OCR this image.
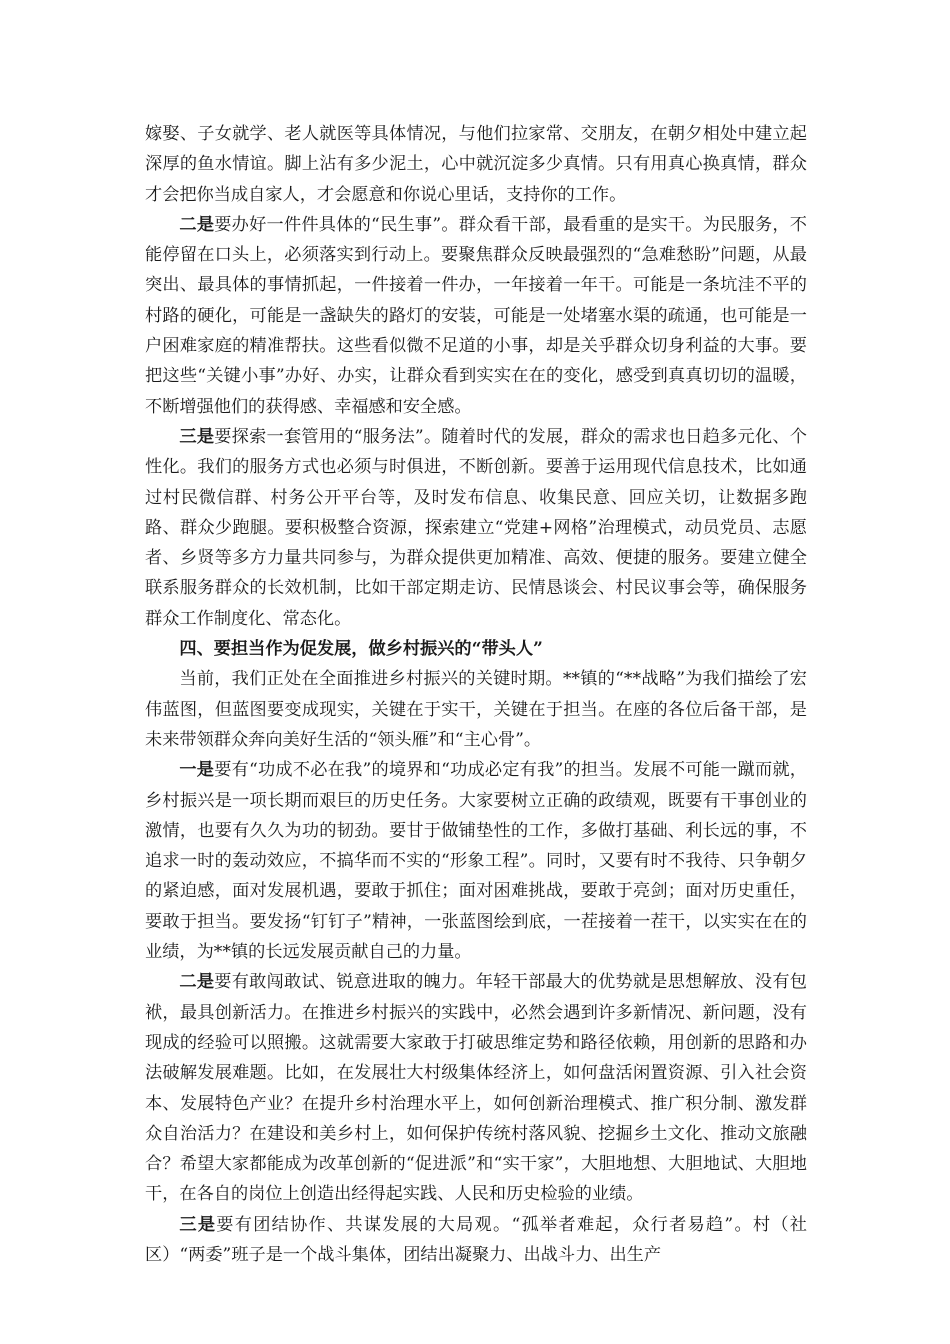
嫁娶、子女就学、老人就医等具体情况，与他们拉家常、交朋友，在朝夕相处中建立起深厚的鱼水情谊。脚上沾有多少泥土，心中就沉淀多少真情。只有用真心换真情，群众才会把你当成自家人，才会愿意和你说心里话，支持你的工作。

二是要办好一件件具体的“民生事”。群众看干部，最看重的是实干。为民服务，不能停留在口头上，必须落实到行动上。要聚焦群众反映最强烈的“急难愁盼”问题，从最突出、最具体的事情抓起，一件接着一件办，一年接着一年干。可能是一条坑洼不平的村路的硬化，可能是一盏缺失的路灯的安装，可能是一处堵塞水渠的疏通，也可能是一户困难家庭的精准帮扶。这些看似微不足道的小事，却是关乎群众切身利益的大事。要把这些“关键小事”办好、办实，让群众看到实实在在的变化，感受到真真切切的温暖，不断增强他们的获得感、幸福感和安全感。

三是要探索一套管用的“服务法”。随着时代的发展，群众的需求也日趋多元化、个性化。我们的服务方式也必须与时俱进，不断创新。要善于运用现代信息技术，比如通过村民微信群、村务公开平台等，及时发布信息、收集民意、回应关切，让数据多跑路、群众少跑腿。要积极整合资源，探索建立“党建+网格”治理模式，动员党员、志愿者、乡贤等多方力量共同参与，为群众提供更加精准、高效、便捷的服务。要建立健全联系服务群众的长效机制，比如干部定期走访、民情恳谈会、村民议事会等，确保服务群众工作制度化、常态化。

四、要担当作为促发展，做乡村振兴的“带头人”

当前，我们正处在全面推进乡村振兴的关键时期。**镇的“**战略”为我们描绘了宏伟蓝图，但蓝图要变成现实，关键在于实干，关键在于担当。在座的各位后备干部，是未来带领群众奔向美好生活的“领头雁”和“主心骨”。

一是要有“功成不必在我”的境界和“功成必定有我”的担当。发展不可能一蹴而就，乡村振兴是一项长期而艰巨的历史任务。大家要树立正确的政绩观，既要有干事创业的激情，也要有久久为功的韧劲。要甘于做铺垫性的工作，多做打基础、利长远的事，不追求一时的轰动效应，不搞华而不实的“形象工程”。同时，又要有时不我待、只争朝夕的紧迫感，面对发展机遇，要敢于抓住；面对困难挑战，要敢于亮剑；面对历史重任，要敢于担当。要发扬“钉钉子”精神，一张蓝图绘到底，一茬接着一茬干，以实实在在的业绩，为**镇的长远发展贡献自己的力量。

二是要有敢闯敢试、锐意进取的魄力。年轻干部最大的优势就是思想解放、没有包袱，最具创新活力。在推进乡村振兴的实践中，必然会遇到许多新情况、新问题，没有现成的经验可以照搬。这就需要大家敢于打破思维定势和路径依赖，用创新的思路和办法破解发展难题。比如，在发展壮大村级集体经济上，如何盘活闲置资源、引入社会资本、发展特色产业？在提升乡村治理水平上，如何创新治理模式、推广积分制、激发群众自治活力？在建设和美乡村上，如何保护传统村落风貌、挖掘乡土文化、推动文旅融合？希望大家都能成为改革创新的“促进派”和“实干家”，大胆地想、大胆地试、大胆地干，在各自的岗位上创造出经得起实践、人民和历史检验的业绩。

三是要有团结协作、共谋发展的大局观。“孤举者难起，众行者易趋”。村（社区）“两委”班子是一个战斗集体，团结出凝聚力、出战斗力、出生产
